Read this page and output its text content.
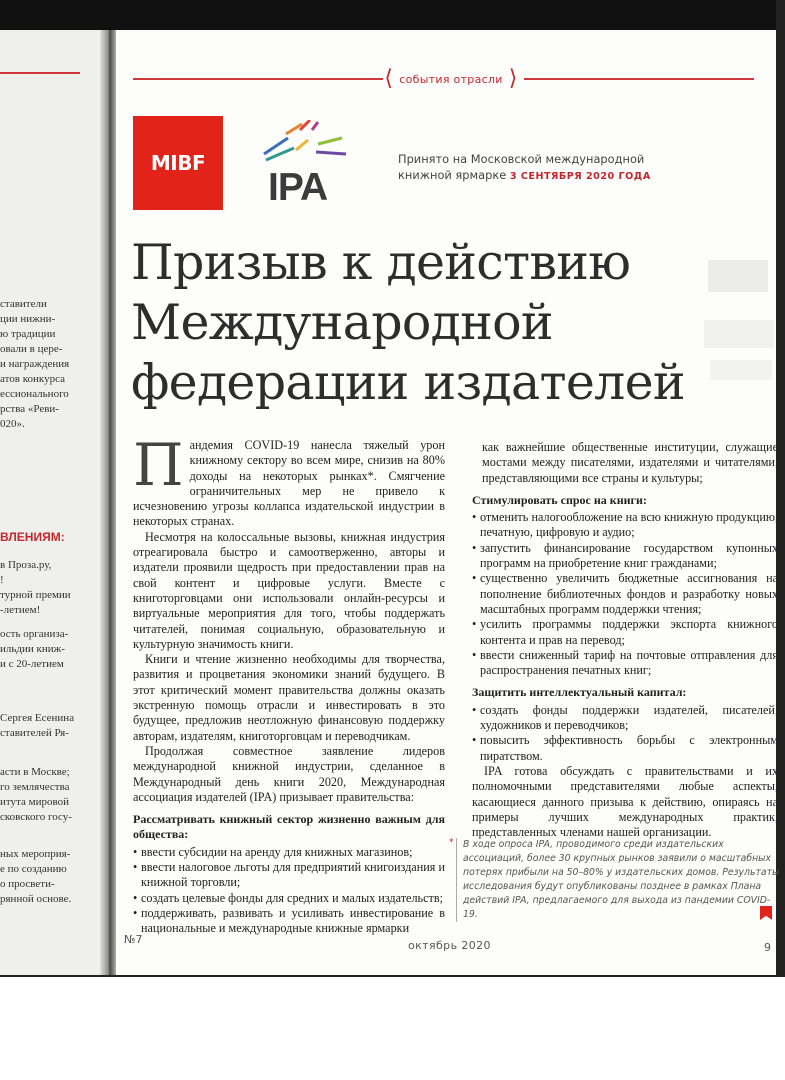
ставители
ции нижни-
ю традиции
овали в цере-
и награждения
атов конкурса
ессионального
рства «Реви-
020».
ВЛЕНИЯМ:
в Проза.ру,
!
турной премии
-летием!
ость организа-
ильдии книж-
и с 20-летием
Сергея Есенина
ставителей Ря-
асти в Москве;
го землячества
итута мировой
сковского госу-
ных мероприя-
е по созданию
о просвети-
рянной основе.
⟨ события отрасли ⟩
MIBF
IPA
Принято на Московской международной книжной ярмарке 3 СЕНТЯБРЯ 2020 ГОДА
Призыв к действию
Международной
федерации издателей
П андемия COVID-19 нанесла тяжелый урон книжному сектору во всем мире, снизив на 80% доходы на некоторых рынках*. Смягчение ограничительных мер не привело к исчезновению угрозы коллапса издательской индустрии в некоторых странах.

Несмотря на колоссальные вызовы, книжная индустрия отреагировала быстро и самоотверженно, авторы и издатели проявили щедрость при предоставлении прав на свой контент и цифровые услуги. Вместе с книготорговцами они использовали онлайн-ресурсы и виртуальные мероприятия для того, чтобы поддержать читателей, понимая социальную, образовательную и культурную значимость книги.

Книги и чтение жизненно необходимы для творчества, развития и процветания экономики знаний будущего. В этот критический момент правительства должны оказать экстренную помощь отрасли и инвестировать в это будущее, предложив неотложную финансовую поддержку авторам, издателям, книготорговцам и переводчикам.

Продолжая совместное заявление лидеров международной книжной индустрии, сделанное в Международный день книги 2020, Международная ассоциация издателей (IPA) призывает правительства:

Рассматривать книжный сектор жизненно важным для общества:
• ввести субсидии на аренду для книжных магазинов;
• ввести налоговое льготы для предприятий книгоиздания и книжной торговли;
• создать целевые фонды для средних и малых издательств;
• поддерживать, развивать и усиливать инвестирование в национальные и международные книжные ярмарки

как важнейшие общественные институции, служащие мостами между писателями, издателями и читателями, представляющими все страны и культуры;

Стимулировать спрос на книги:
• отменить налогообложение на всю книжную продукцию, печатную, цифровую и аудио;
• запустить финансирование государством купонных программ на приобретение книг гражданами;
• существенно увеличить бюджетные ассигнования на пополнение библиотечных фондов и разработку новых масштабных программ поддержки чтения;
• усилить программы поддержки экспорта книжного контента и прав на перевод;
• ввести сниженный тариф на почтовые отправления для распространения печатных книг;
Защитить интеллектуальный капитал:
• создать фонды поддержки издателей, писателей, художников и переводчиков;
• повысить эффективность борьбы с электронным пиратством.

IPA готова обсуждать с правительствами и их полномочными представителями любые аспекты, касающиеся данного призыва к действию, опираясь на примеры лучших международных практик, представленных членами нашей организации.

* В ходе опроса IPA, проводимого среди издательских ассоциаций, более 30 крупных рынков заявили о масштабных потерях прибыли на 50–80% у издательских домов. Результаты исследования будут опубликованы позднее в рамках Плана действий IPA, предлагаемого для выхода из пандемии COVID-19.
№7	октябрь 2020	9
